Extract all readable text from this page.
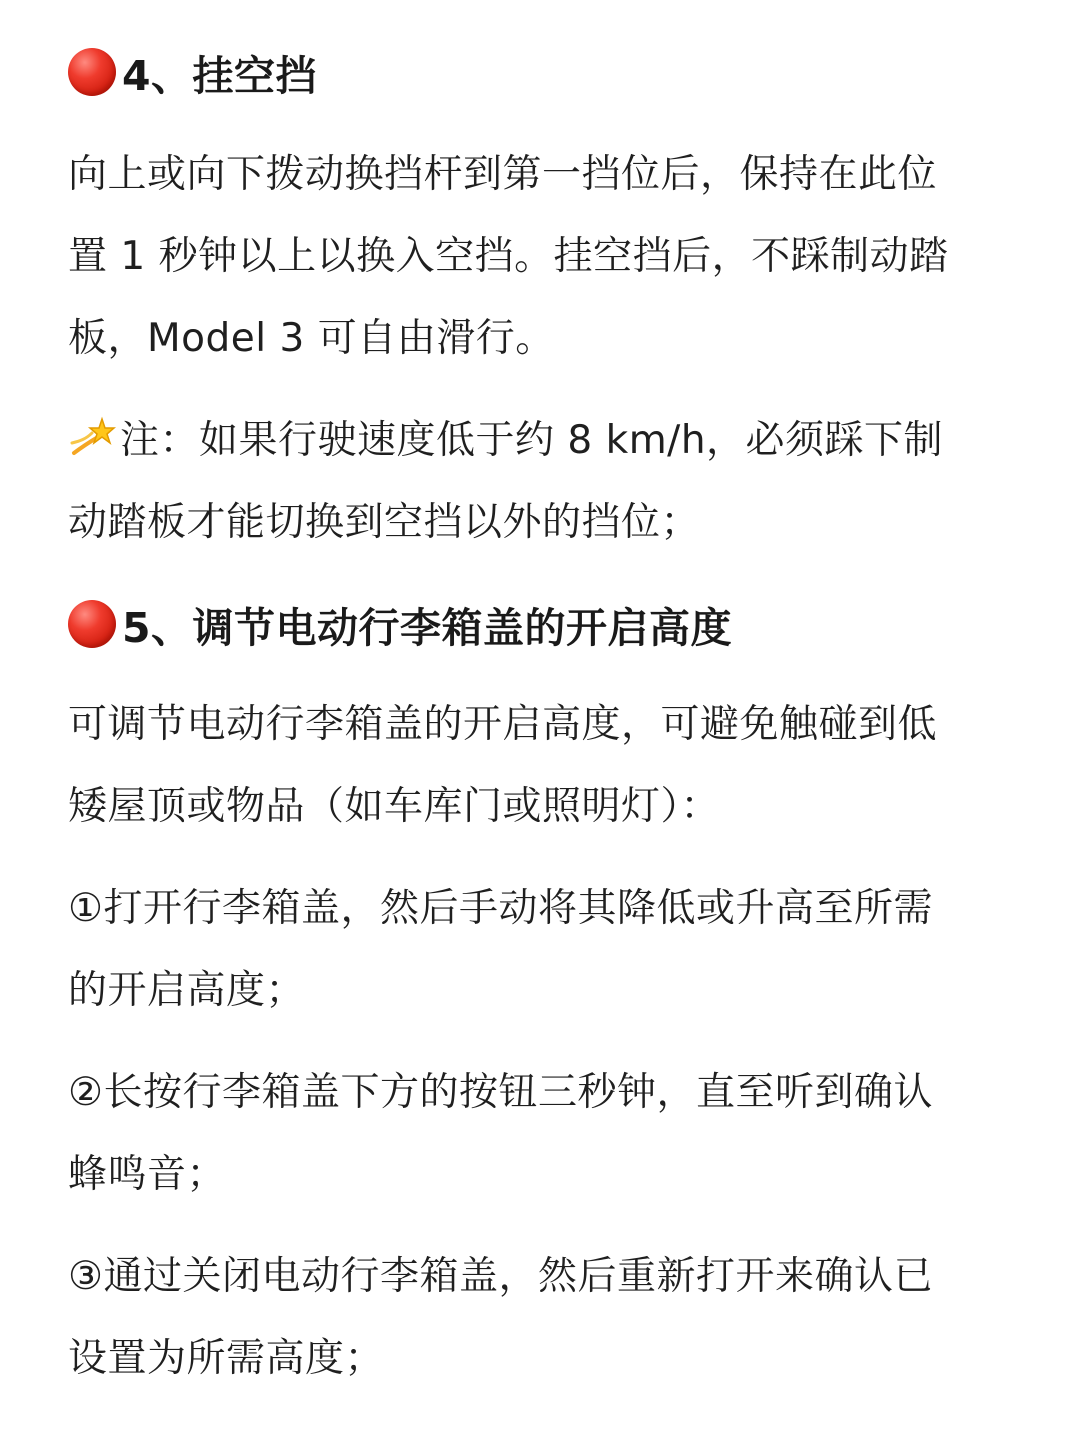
4、挂空挡
向上或向下拨动换挡杆到第一挡位后，保持在此位
置 1 秒钟以上以换入空挡。挂空挡后，不踩制动踏
板，Model 3 可自由滑行。
注：如果行驶速度低于约 8 km/h，必须踩下制
动踏板才能切换到空挡以外的挡位；
5、调节电动行李箱盖的开启高度
可调节电动行李箱盖的开启高度，可避免触碰到低
矮屋顶或物品（如车库门或照明灯）：
①打开行李箱盖，然后手动将其降低或升高至所需
的开启高度；
②长按行李箱盖下方的按钮三秒钟，直至听到确认
蜂鸣音；
③通过关闭电动行李箱盖，然后重新打开来确认已
设置为所需高度；
